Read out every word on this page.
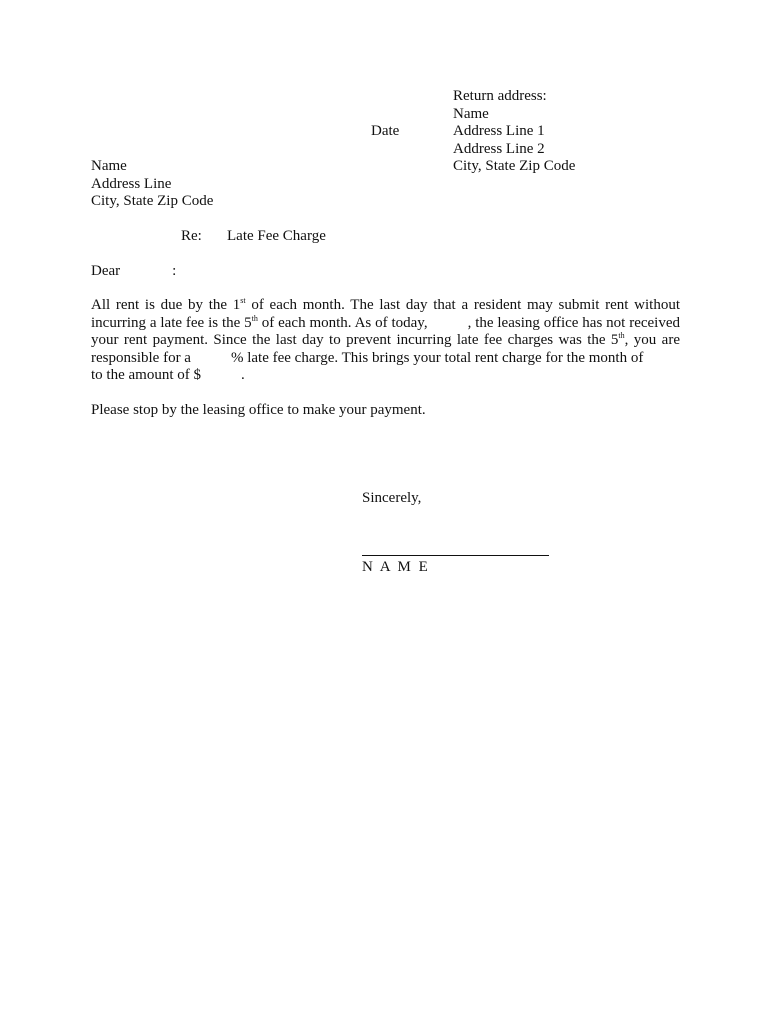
Return address:
Name
Address Line 1
Address Line 2
City, State Zip Code
Date
Name
Address Line
City, State Zip Code
Re: Late Fee Charge
Dear	:
All rent is due by the 1st of each month. The last day that a resident may submit rent without
incurring a late fee is the 5th of each month. As of today,	, the leasing office has not received
your rent payment. Since the last day to prevent incurring late fee charges was the 5th, you are
responsible for a	% late fee charge. This brings your total rent charge for the month of
to the amount of $	.
Please stop by the leasing office to make your payment.
Sincerely,
N A M E
